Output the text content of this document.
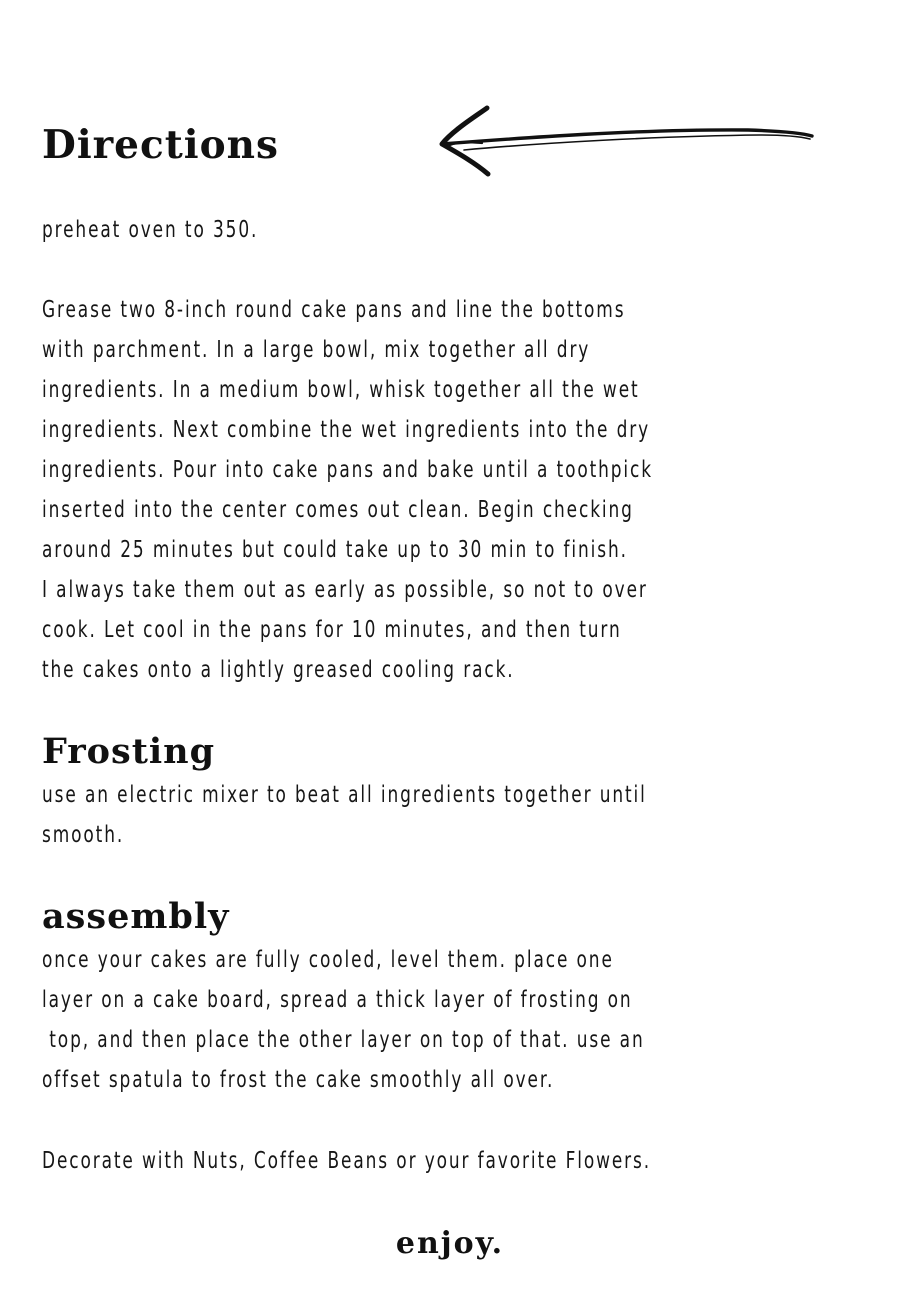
Directions

preheat oven to 350.

Grease two 8-inch round cake pans and line the bottoms
with parchment. In a large bowl, mix together all dry
ingredients. In a medium bowl, whisk together all the wet
ingredients. Next combine the wet ingredients into the dry
ingredients. Pour into cake pans and bake until a toothpick
inserted into the center comes out clean. Begin checking
around 25 minutes but could take up to 30 min to finish.
I always take them out as early as possible, so not to over
cook. Let cool in the pans for 10 minutes, and then turn
the cakes onto a lightly greased cooling rack.

Frosting

use an electric mixer to beat all ingredients together until
smooth.

assembly

once your cakes are fully cooled, level them. place one
layer on a cake board, spread a thick layer of frosting on
top, and then place the other layer on top of that. use an
offset spatula to frost the cake smoothly all over.

Decorate with Nuts, Coffee Beans or your favorite Flowers.

enjoy.
